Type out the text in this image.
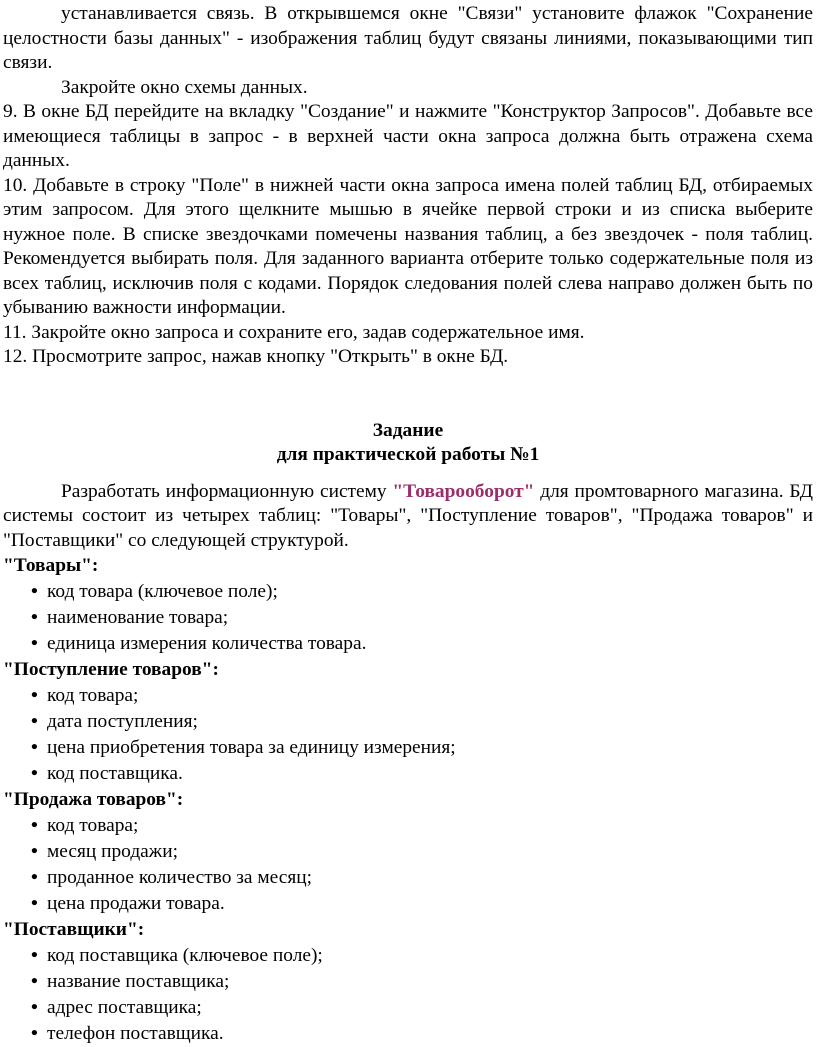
устанавливается связь. В открывшемся окне "Связи" установите флажок "Сохранение целостности базы данных" - изображения таблиц будут связаны линиями, показывающими тип связи.

Закройте окно схемы данных.

9. В окне БД перейдите на вкладку "Создание" и нажмите "Конструктор Запросов". Добавьте все имеющиеся таблицы в запрос - в верхней части окна запроса должна быть отражена схема данных.

10. Добавьте в строку "Поле" в нижней части окна запроса имена полей таблиц БД, отбираемых этим запросом. Для этого щелкните мышью в ячейке первой строки и из списка выберите нужное поле. В списке звездочками помечены названия таблиц, а без звездочек - поля таблиц. Рекомендуется выбирать поля. Для заданного варианта отберите только содержательные поля из всех таблиц, исключив поля с кодами. Порядок следования полей слева направо должен быть по убыванию важности информации.

11. Закройте окно запроса и сохраните его, задав содержательное имя.

12. Просмотрите запрос, нажав кнопку "Открыть" в окне БД.

Задание

для практической работы №1

Разработать информационную систему "Товарооборот" для промтоварного магазина. БД системы состоит из четырех таблиц: "Товары", "Поступление товаров", "Продажа товаров" и "Поставщики" со следующей структурой.

"Товары":

• код товара (ключевое поле);
• наименование товара;
• единица измерения количества товара.

"Поступление товаров":

• код товара;
• дата поступления;
• цена приобретения товара за единицу измерения;
• код поставщика.

"Продажа товаров":

• код товара;
• месяц продажи;
• проданное количество за месяц;
• цена продажи товара.

"Поставщики":

• код поставщика (ключевое поле);
• название поставщика;
• адрес поставщика;
• телефон поставщика.
